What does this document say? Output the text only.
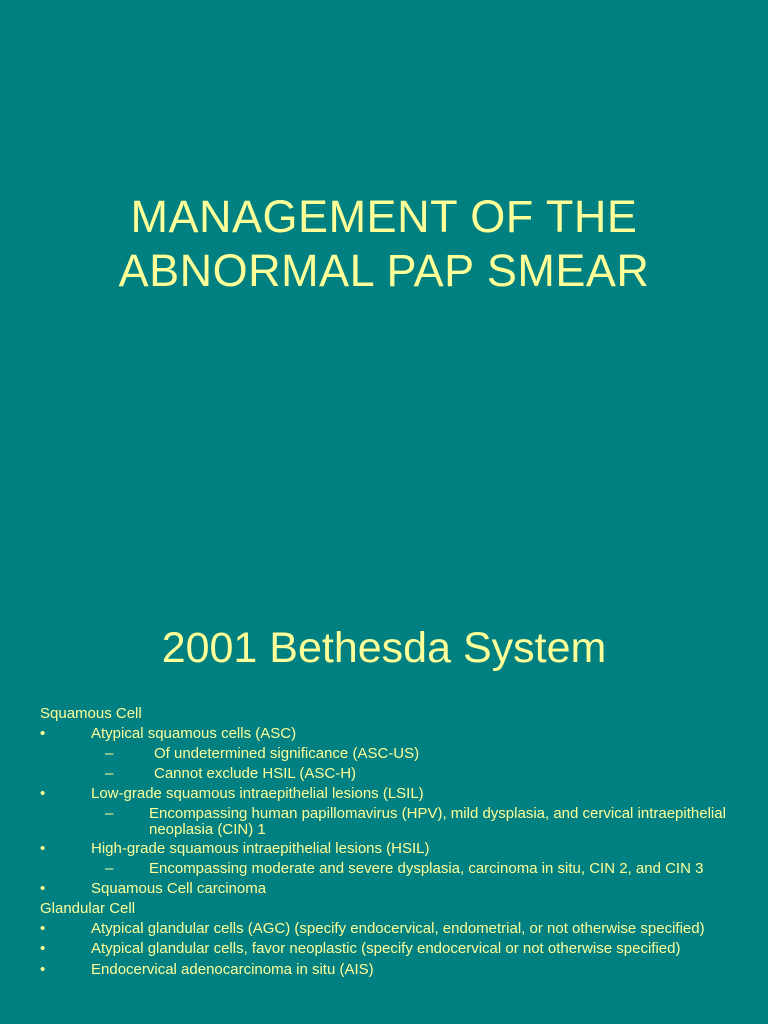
MANAGEMENT OF THE
ABNORMAL PAP SMEAR
2001 Bethesda System
Squamous Cell
•	Atypical squamous cells (ASC)
–	Of undetermined significance (ASC-US)
–	Cannot exclude HSIL (ASC-H)
•	Low-grade squamous intraepithelial lesions (LSIL)
–	Encompassing human papillomavirus (HPV), mild dysplasia, and cervical intraepithelial neoplasia (CIN) 1
•	High-grade squamous intraepithelial lesions (HSIL)
–	Encompassing moderate and severe dysplasia, carcinoma in situ, CIN 2, and CIN 3
•	Squamous Cell carcinoma
Glandular Cell
•	Atypical glandular cells (AGC) (specify endocervical, endometrial, or not otherwise specified)
•	Atypical glandular cells, favor neoplastic (specify endocervical or not otherwise specified)
•	Endocervical adenocarcinoma in situ (AIS)
